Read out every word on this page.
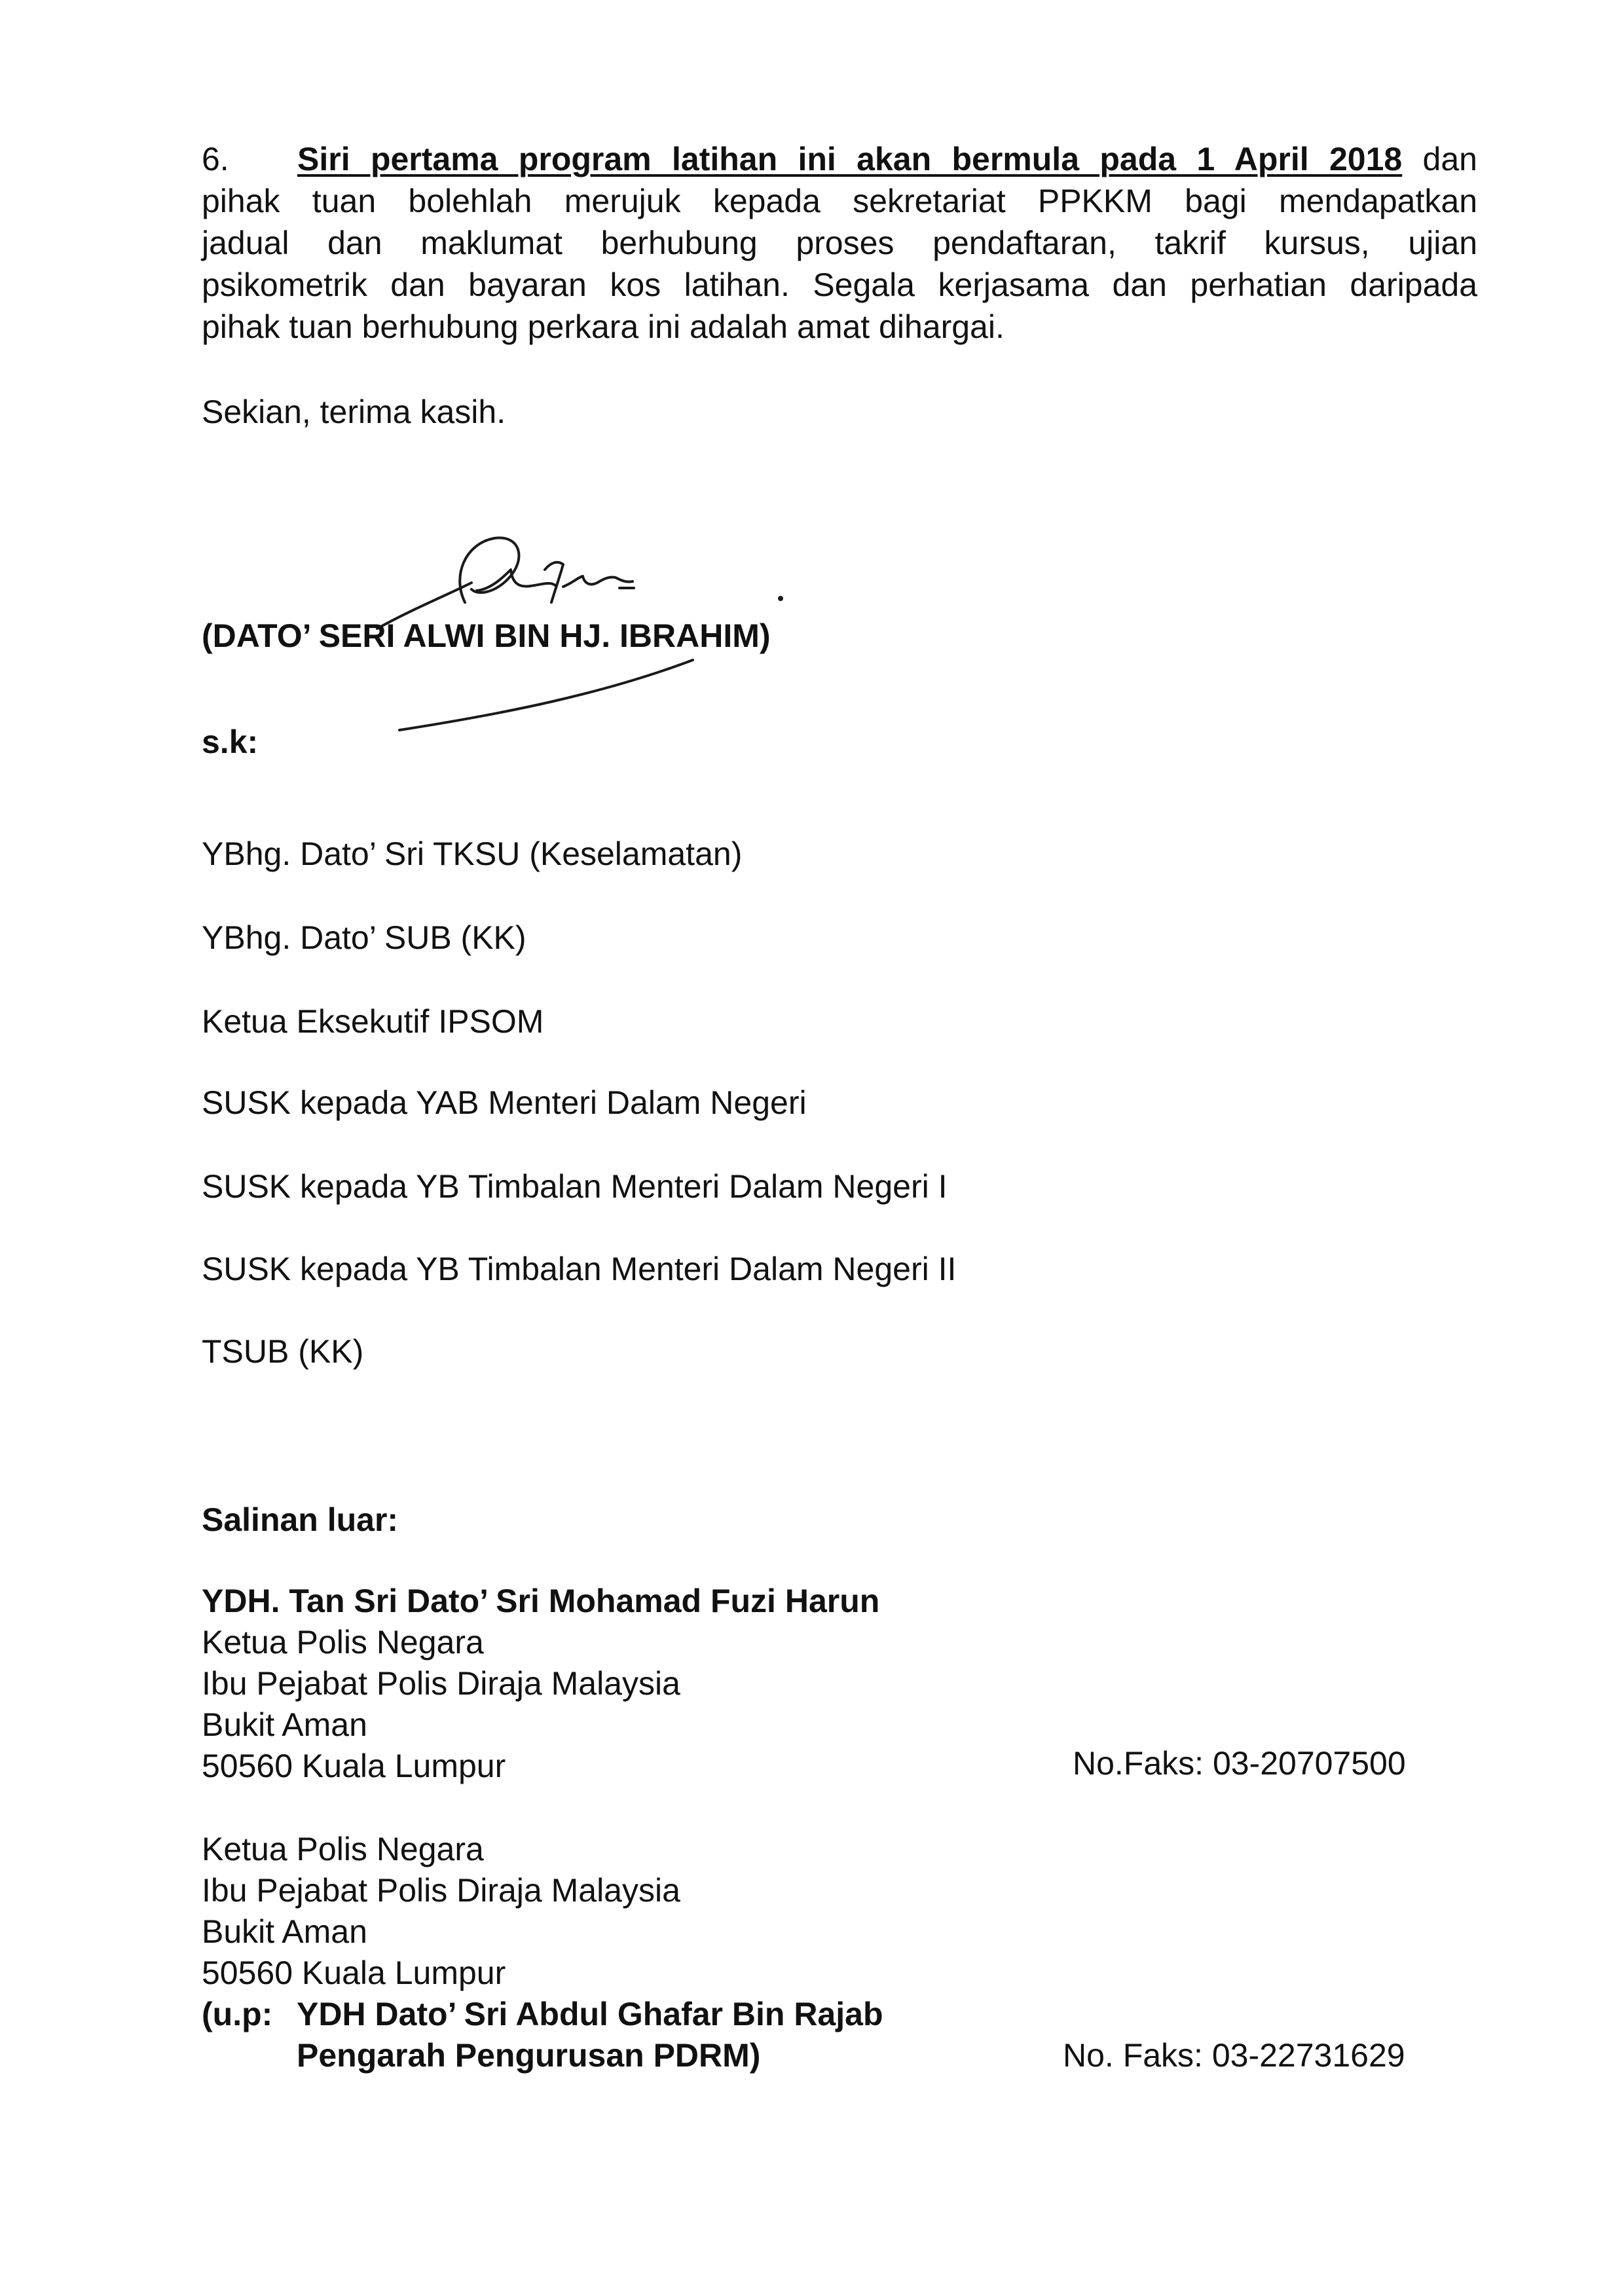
6. Siri pertama program latihan ini akan bermula pada 1 April 2018 dan
pihak tuan bolehlah merujuk kepada sekretariat PPKKM bagi mendapatkan
jadual dan maklumat berhubung proses pendaftaran, takrif kursus, ujian
psikometrik dan bayaran kos latihan. Segala kerjasama dan perhatian daripada
pihak tuan berhubung perkara ini adalah amat dihargai.
Sekian, terima kasih.
(DATO’ SERI ALWI BIN HJ. IBRAHIM)
s.k:
YBhg. Dato’ Sri TKSU (Keselamatan)
YBhg. Dato’ SUB (KK)
Ketua Eksekutif IPSOM
SUSK kepada YAB Menteri Dalam Negeri
SUSK kepada YB Timbalan Menteri Dalam Negeri I
SUSK kepada YB Timbalan Menteri Dalam Negeri II
TSUB (KK)
Salinan luar:
YDH. Tan Sri Dato’ Sri Mohamad Fuzi Harun
Ketua Polis Negara
Ibu Pejabat Polis Diraja Malaysia
Bukit Aman
50560 Kuala Lumpur	No.Faks: 03-20707500
Ketua Polis Negara
Ibu Pejabat Polis Diraja Malaysia
Bukit Aman
50560 Kuala Lumpur
(u.p: YDH Dato’ Sri Abdul Ghafar Bin Rajab
Pengarah Pengurusan PDRM)	No. Faks: 03-22731629
